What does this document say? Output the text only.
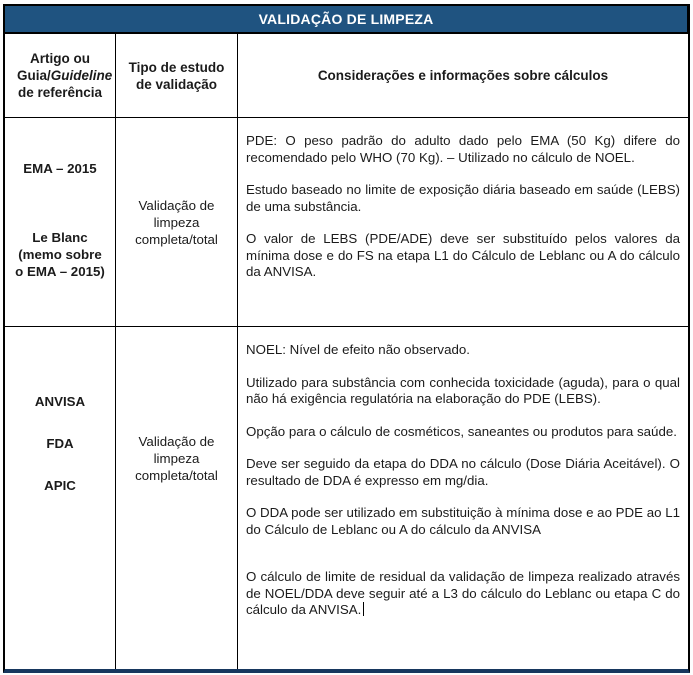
VALIDAÇÃO DE LIMPEZA
Artigo ou Guia/Guideline de referência
Tipo de estudo de validação
Considerações e informações sobre cálculos
EMA – 2015
Le Blanc (memo sobre o EMA – 2015)
Validação de limpeza completa/total

PDE: O peso padrão do adulto dado pelo EMA (50 Kg) difere do recomendado pelo WHO (70 Kg). – Utilizado no cálculo de NOEL.

Estudo baseado no limite de exposição diária baseado em saúde (LEBS) de uma substância.

O valor de LEBS (PDE/ADE) deve ser substituído pelos valores da mínima dose e do FS na etapa L1 do Cálculo de Leblanc ou A do cálculo da ANVISA.

ANVISA
FDA
APIC
Validação de limpeza completa/total

NOEL: Nível de efeito não observado.

Utilizado para substância com conhecida toxicidade (aguda), para o qual não há exigência regulatória na elaboração do PDE (LEBS).

Opção para o cálculo de cosméticos, saneantes ou produtos para saúde.

Deve ser seguido da etapa do DDA no cálculo (Dose Diária Aceitável). O resultado de DDA é expresso em mg/dia.

O DDA pode ser utilizado em substituição à mínima dose e ao PDE ao L1 do Cálculo de Leblanc ou A do cálculo da ANVISA

O cálculo de limite de residual da validação de limpeza realizado através de NOEL/DDA deve seguir até a L3 do cálculo do Leblanc ou etapa C do cálculo da ANVISA.
